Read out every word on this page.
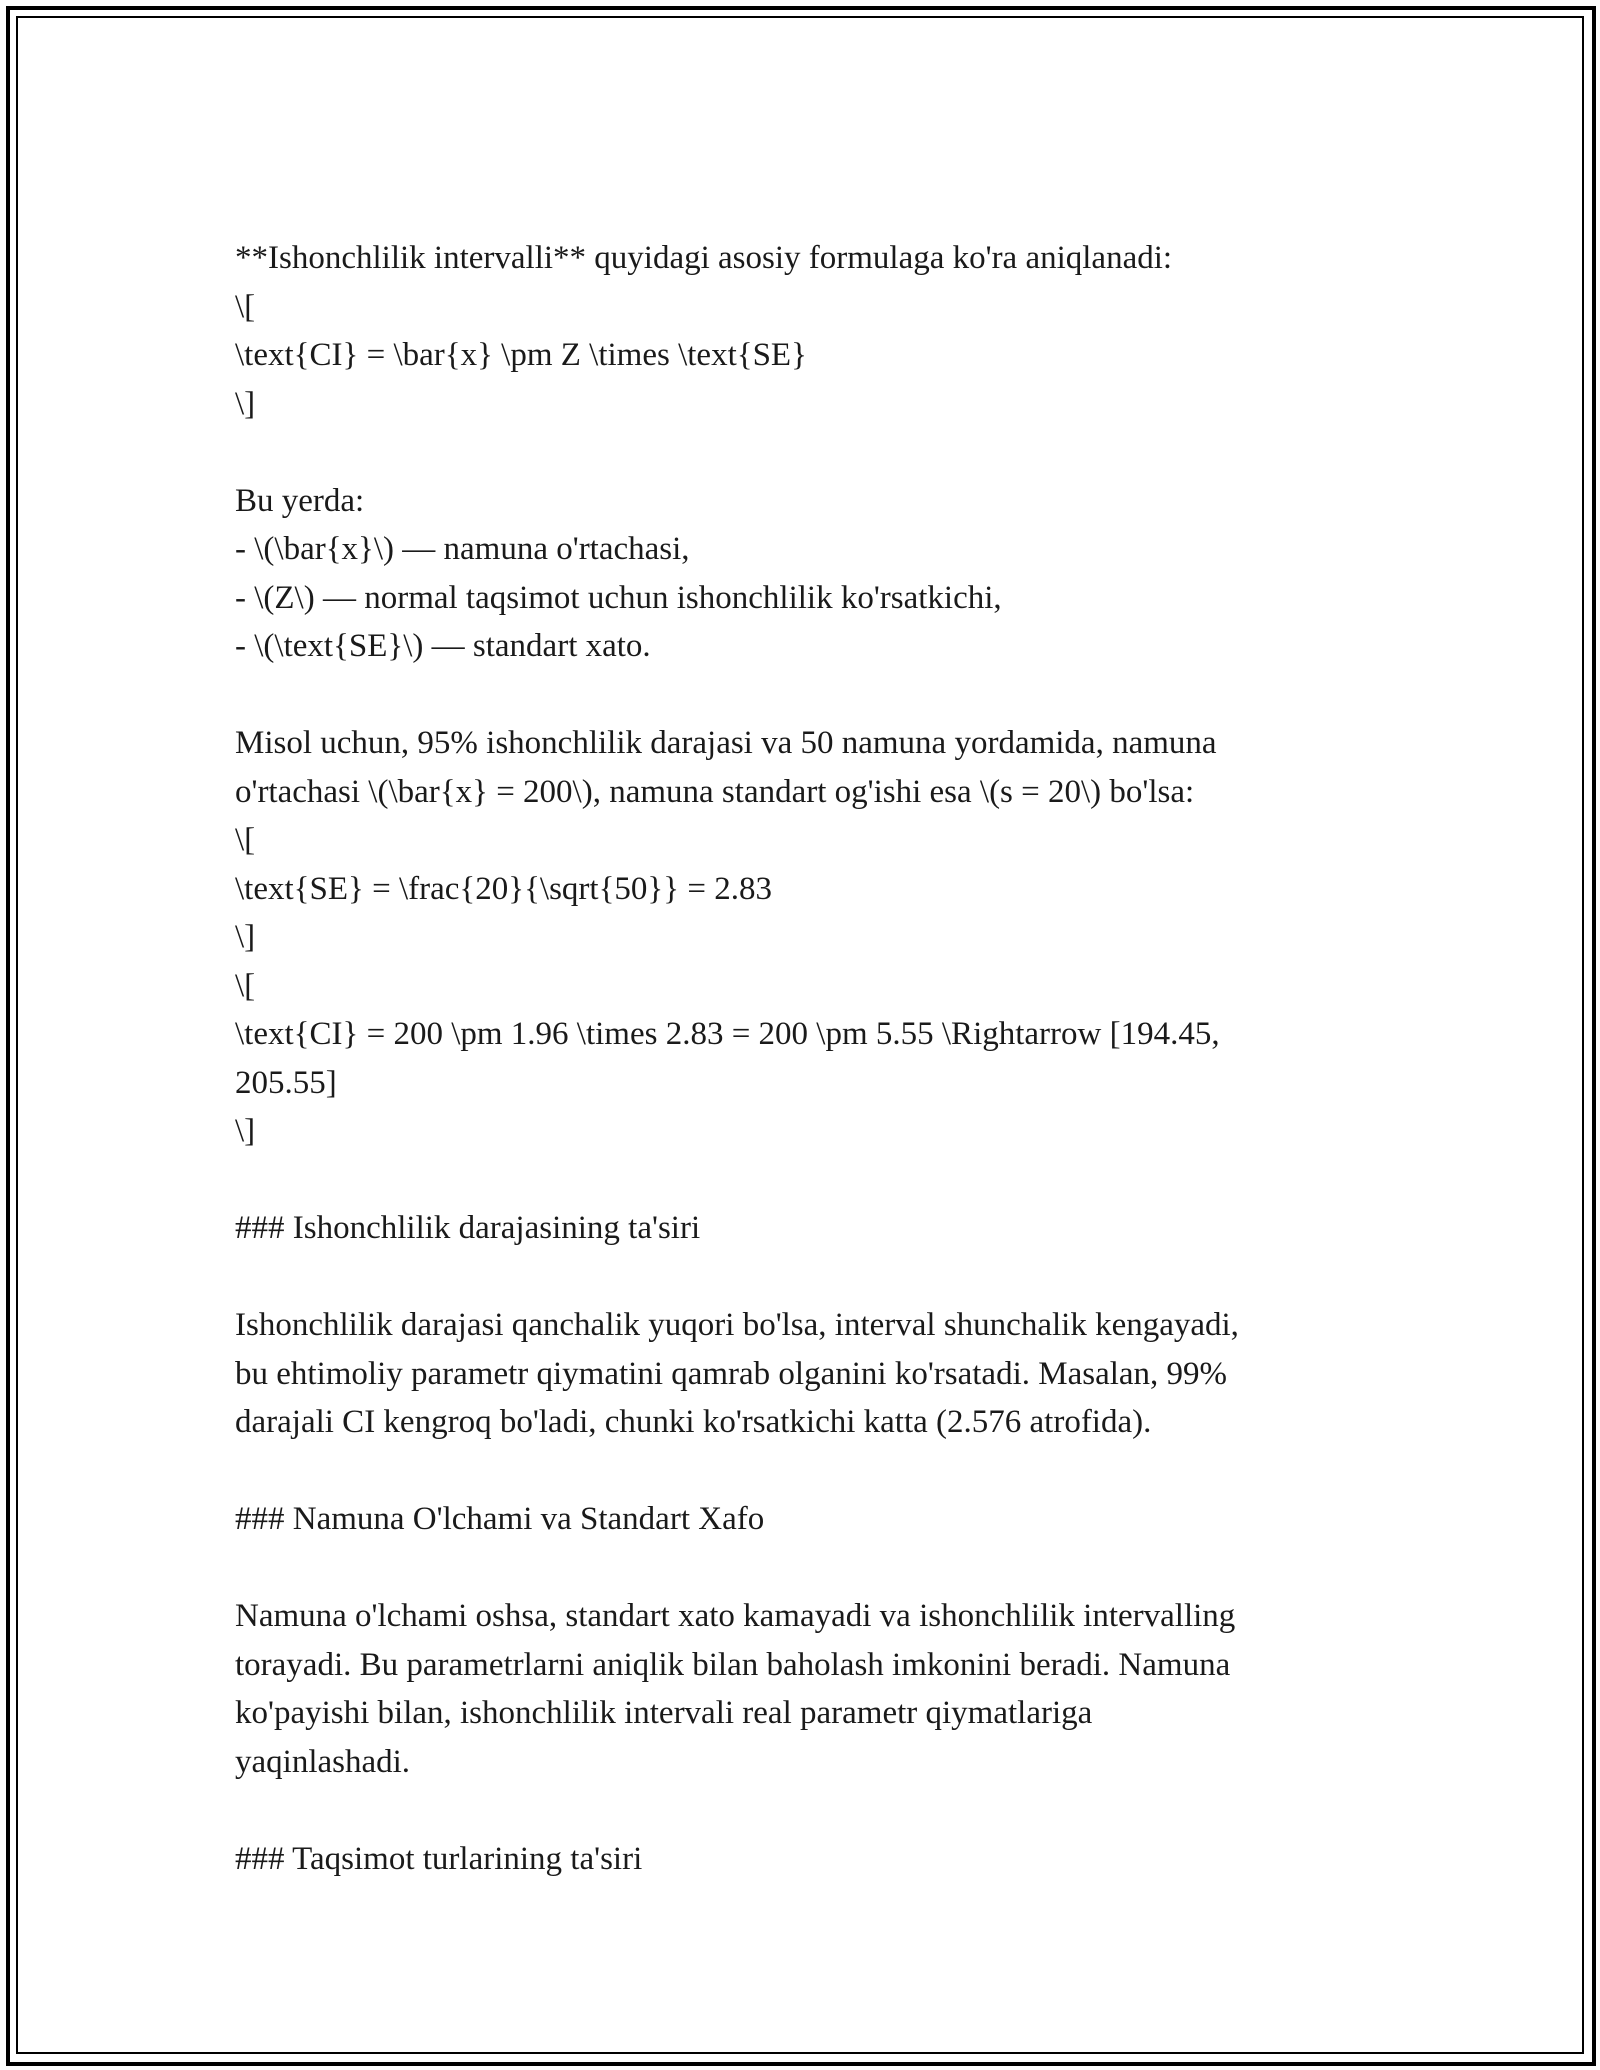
**Ishonchlilik intervalli** quyidagi asosiy formulaga ko'ra aniqlanadi:
\[
\text{CI} = \bar{x} \pm Z \times \text{SE}
\]
Bu yerda:
- \(\bar{x}\) — namuna o'rtachasi,
- \(Z\) — normal taqsimot uchun ishonchlilik ko'rsatkichi,
- \(\text{SE}\) — standart xato.
Misol uchun, 95% ishonchlilik darajasi va 50 namuna yordamida, namuna
o'rtachasi \(\bar{x} = 200\), namuna standart og'ishi esa \(s = 20\) bo'lsa:
\[
\text{SE} = \frac{20}{\sqrt{50}} = 2.83
\]
\[
\text{CI} = 200 \pm 1.96 \times 2.83 = 200 \pm 5.55 \Rightarrow [194.45,
205.55]
\]
### Ishonchlilik darajasining ta'siri
Ishonchlilik darajasi qanchalik yuqori bo'lsa, interval shunchalik kengayadi,
bu ehtimoliy parametr qiymatini qamrab olganini ko'rsatadi. Masalan, 99%
darajali CI kengroq bo'ladi, chunki ko'rsatkichi katta (2.576 atrofida).
### Namuna O'lchami va Standart Xafo
Namuna o'lchami oshsa, standart xato kamayadi va ishonchlilik intervalling
torayadi. Bu parametrlarni aniqlik bilan baholash imkonini beradi. Namuna
ko'payishi bilan, ishonchlilik intervali real parametr qiymatlariga
yaqinlashadi.
### Taqsimot turlarining ta'siri
